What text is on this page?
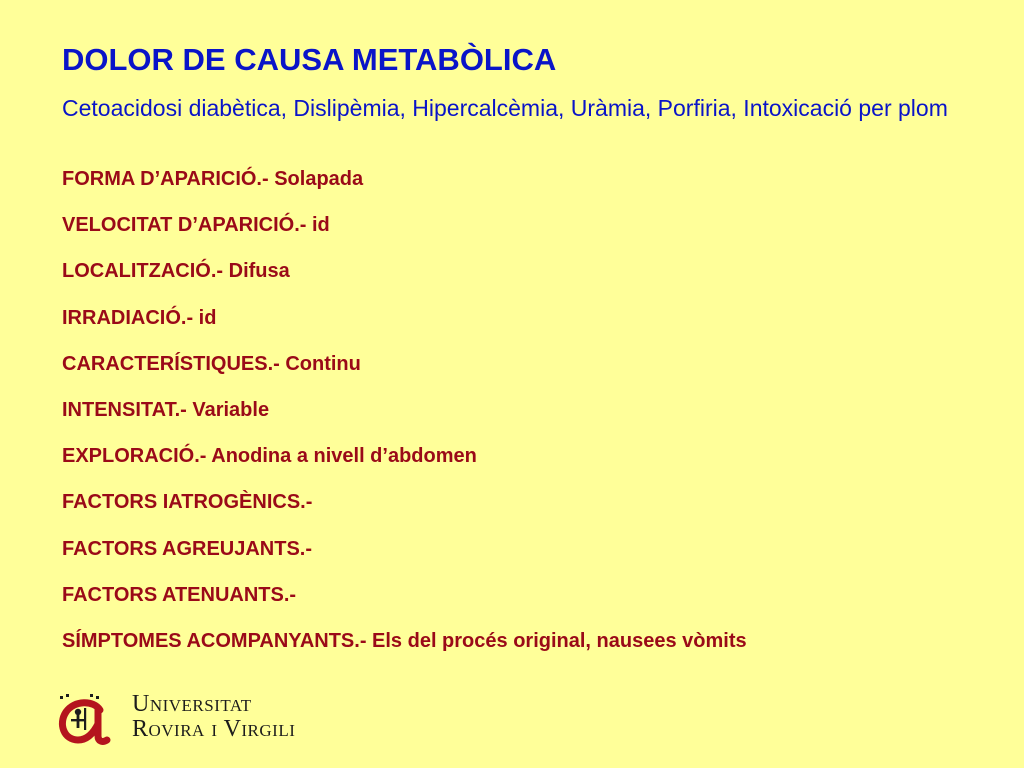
DOLOR DE CAUSA METABÒLICA

Cetoacidosi diabètica, Dislipèmia, Hipercalcèmia, Uràmia, Porfiria, Intoxicació per plom

FORMA D’APARICIÓ.- Solapada
VELOCITAT D’APARICIÓ.- id
LOCALITZACIÓ.- Difusa
IRRADIACIÓ.- id
CARACTERÍSTIQUES.- Continu
INTENSITAT.- Variable
EXPLORACIÓ.- Anodina a nivell d’abdomen
FACTORS IATROGÈNICS.-
FACTORS AGREUJANTS.-
FACTORS ATENUANTS.-
SÍMPTOMES ACOMPANYANTS.- Els del procés original, nausees vòmits
Universitat
Rovira i Virgili
